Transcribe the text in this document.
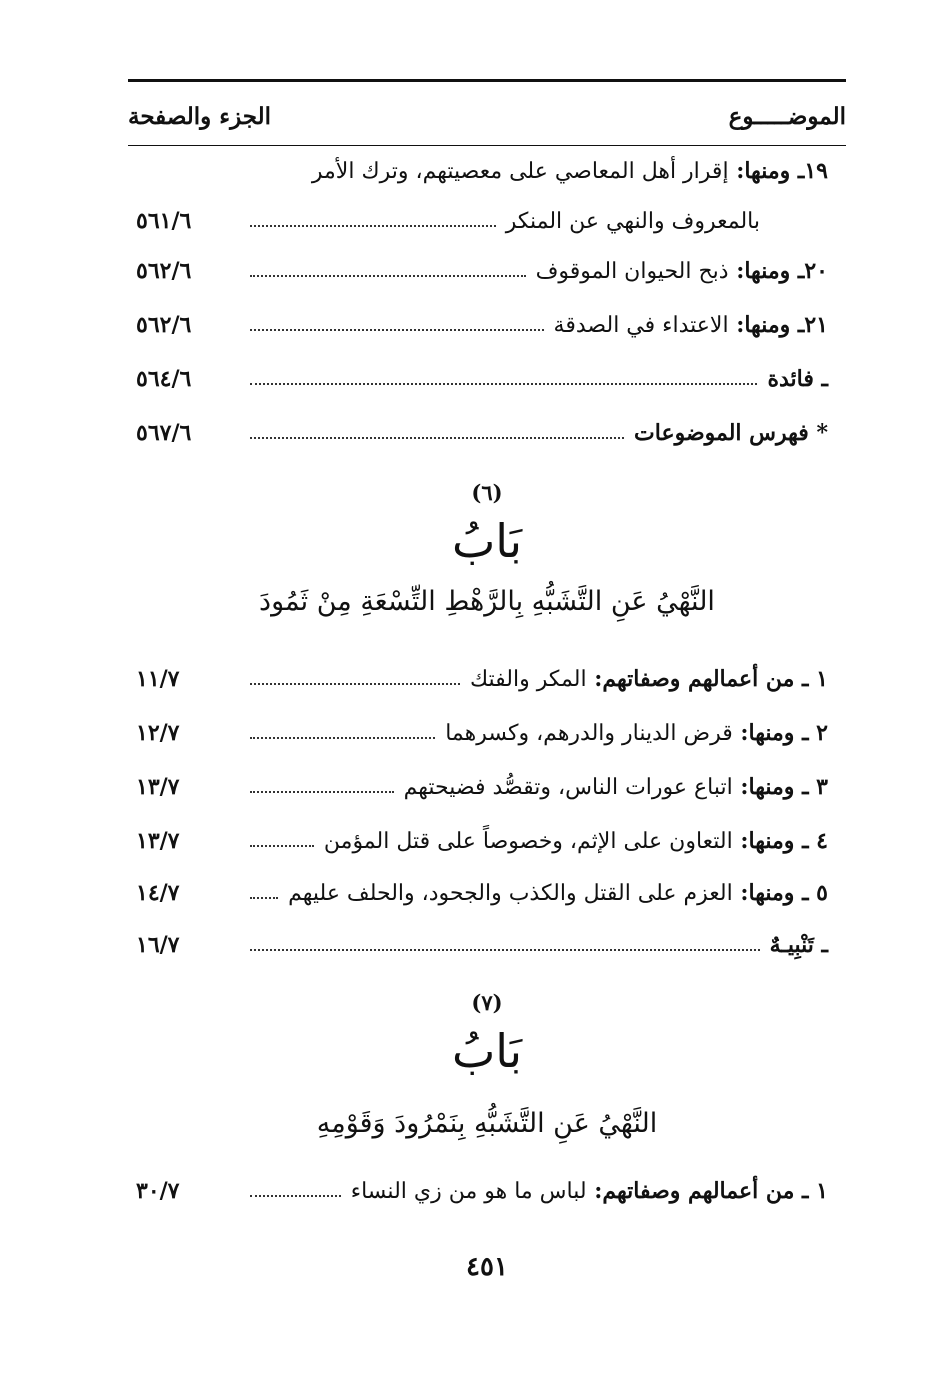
الموضـــــوع
الجزء والصفحة
١٩ـ ومنها: إقرار أهل المعاصي على معصيتهم، وترك الأمر
بالمعروف والنهي عن المنكر
٥٦١/٦
٢٠ـ ومنها: ذبح الحيوان الموقوف
٥٦٢/٦
٢١ـ ومنها: الاعتداء في الصدقة
٥٦٢/٦
ـ فائدة
٥٦٤/٦
* فهرس الموضوعات
٥٦٧/٦
(٦)
بَابُ
النَّهْيُ عَنِ التَّشَبُّهِ بِالرَّهْطِ التِّسْعَةِ مِنْ ثَمُودَ
١ ـ من أعمالهم وصفاتهم: المكر والفتك
١١/٧
٢ ـ ومنها: قرض الدينار والدرهم، وكسرهما
١٢/٧
٣ ـ ومنها: اتباع عورات الناس، وتقصُّد فضيحتهم
١٣/٧
٤ ـ ومنها: التعاون على الإثم، وخصوصاً على قتل المؤمن
١٣/٧
٥ ـ ومنها: العزم على القتل والكذب والجحود، والحلف عليهم
١٤/٧
ـ تَنْبِيـهٌ
١٦/٧
(٧)
بَابُ
النَّهْيُ عَنِ التَّشَبُّهِ بِنَمْرُودَ وَقَوْمِهِ
١ ـ من أعمالهم وصفاتهم: لباس ما هو من زي النساء
٣٠/٧
٤٥١
